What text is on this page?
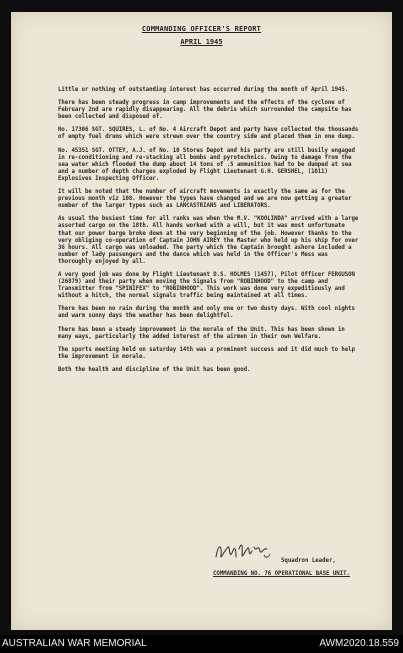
COMMANDING OFFICER'S REPORT
APRIL 1945

Little or nothing of outstanding interest has occurred during the month of April 1945.

There has been steady progress in camp improvements and the effects of the cyclone of February 2nd are rapidly disappearing. All the debris which surrounded the campsite has been collected and disposed of.

No. 17306 SGT. SQUIRES, L. of No. 4 Aircraft Depot and party have collected the thousands of empty fuel drums which were strewn over the country side and placed them in one dump.

No. 45351 SGT. OTTEY, A.J. of No. 10 Stores Depot and his party are still busily engaged in re-conditioning and re-stacking all bombs and pyrotechnics. Owing to damage from the sea water which flooded the dump about 14 tons of .5 ammunition had to be dumped at sea and a number of depth charges exploded by Flight Lieutenant G.H. GERSHEL, (1011) Explosives Inspecting Officer.

It will be noted that the number of aircraft movements is exactly the same as for the previous month viz 108. However the types have changed and we are now getting a greater number of the larger types such as LANCASTRIANS and LIBERATORS.

As usual the busiest time for all ranks was when the M.V. "KOOLINDA" arrived with a large assorted cargo on the 18th. All hands worked with a will, but it was most unfortunate that our power barge broke down at the very beginning of the job. However thanks to the very obliging co-operation of Captain JOHN AIREY the Master who held up his ship for over 36 hours. All cargo was unloaded. The party which the Captain brought ashore included a number of lady passengers and the dance which was held in the Officer's Mess was thoroughly enjoyed by all.

A very good job was done by Flight Lieutenant D.S. HOLMES (1457), Pilot Officer FERGUSON (26879) and their party when moving the Signals from "ROBINHOOD" to the camp and Transmitter from "SPINIFEX" to "ROBINHOOD". This work was done very expeditiously and without a hitch, the normal signals traffic being maintained at all times.

There has been no rain during the month and only one or two dusty days. With cool nights and warm sunny days the weather has been delightful.

There has been a steady improvement in the morale of the Unit. This has been shown in many ways, particularly the added interest of the airmen in their own Welfare.

The sports meeting held on saturday 14th was a prominent success and it did much to help the improvement in morale.

Both the health and discipline of the Unit has been good.

Squadron Leader,
COMMANDING NO. 76 OPERATIONAL BASE UNIT.
AUSTRALIAN WAR MEMORIAL	AWM2020.18.559
